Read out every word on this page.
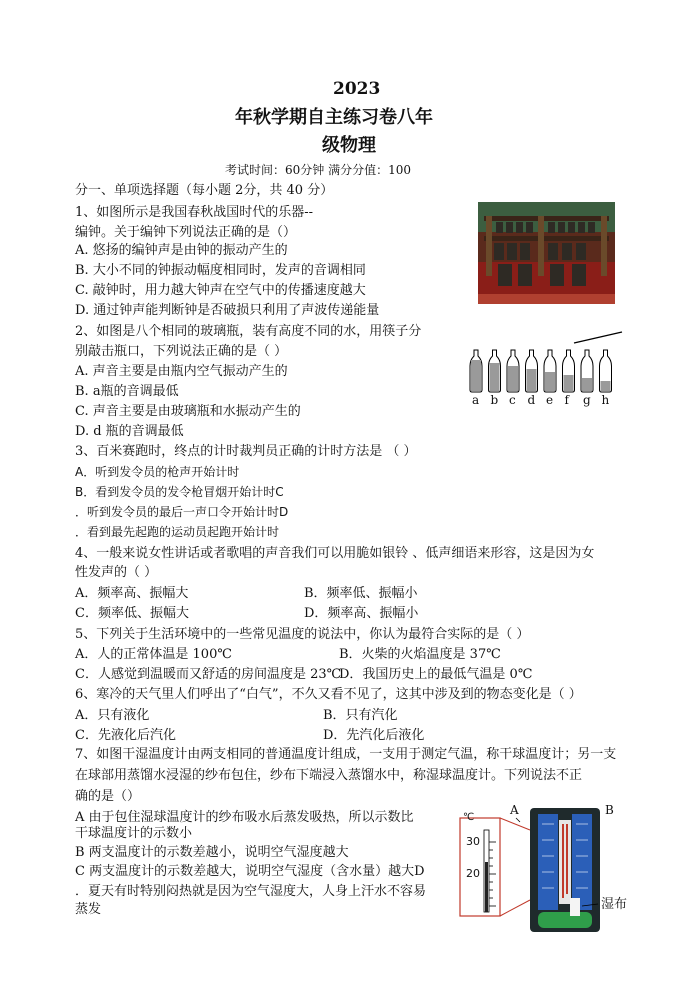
2023
年秋学期自主练习卷八年
级物理
考试时间：60分钟 满分分值：100
分一、单项选择题（每小题 2分，共 40 分）
1、如图所示是我国春秋战国时代的乐器--
编钟。关于编钟下列说法正确的是（）
A. 悠扬的编钟声是由钟的振动产生的
B. 大小不同的钟振动幅度相同时，发声的音调相同
C. 敲钟时，用力越大钟声在空气中的传播速度越大
D. 通过钟声能判断钟是否破损只利用了声波传递能量
2、如图是八个相同的玻璃瓶，装有高度不同的水，用筷子分
别敲击瓶口，下列说法正确的是（ ）
A. 声音主要是由瓶内空气振动产生的
B. a瓶的音调最低
C. 声音主要是由玻璃瓶和水振动产生的
D. d 瓶的音调最低
a b c d e f g h
3、百米赛跑时，终点的计时裁判员正确的计时方法是 （ ）
A．听到发令员的枪声开始计时
B．看到发令员的发令枪冒烟开始计时C
．听到发令员的最后一声口令开始计时D
．看到最先起跑的运动员起跑开始计时
4、一般来说女性讲话或者歌唱的声音我们可以用脆如银铃 、低声细语来形容，这是因为女
性发声的（ ）
A．频率高、振幅大	B．频率低、振幅小
C．频率低、振幅大	D．频率高、振幅小
5、下列关于生活环境中的一些常见温度的说法中，你认为最符合实际的是（ ）
A．人的正常体温是 100℃	B．火柴的火焰温度是 37℃
C．人感觉到温暖而又舒适的房间温度是 23℃
D．我国历史上的最低气温是 0℃
6、寒冷的天气里人们呼出了“白气”，不久又看不见了，这其中涉及到的物态变化是（ ）
A．只有液化	B．只有汽化
C．先液化后汽化	D．先汽化后液化
7、如图干湿温度计由两支相同的普通温度计组成，一支用于测定气温，称干球温度计；另一支
在球部用蒸馏水浸湿的纱布包住，纱布下端浸入蒸馏水中，称湿球温度计。下列说法不正
确的是（）
A 由于包住湿球温度计的纱布吸水后蒸发吸热，所以示数比
干球温度计的示数小
B 两支温度计的示数差越小，说明空气湿度越大
C 两支温度计的示数差越大，说明空气湿度（含水量）越大D
．夏天有时特别闷热就是因为空气湿度大，人身上汗水不容易
蒸发
A	B
℃
30
20
湿布
